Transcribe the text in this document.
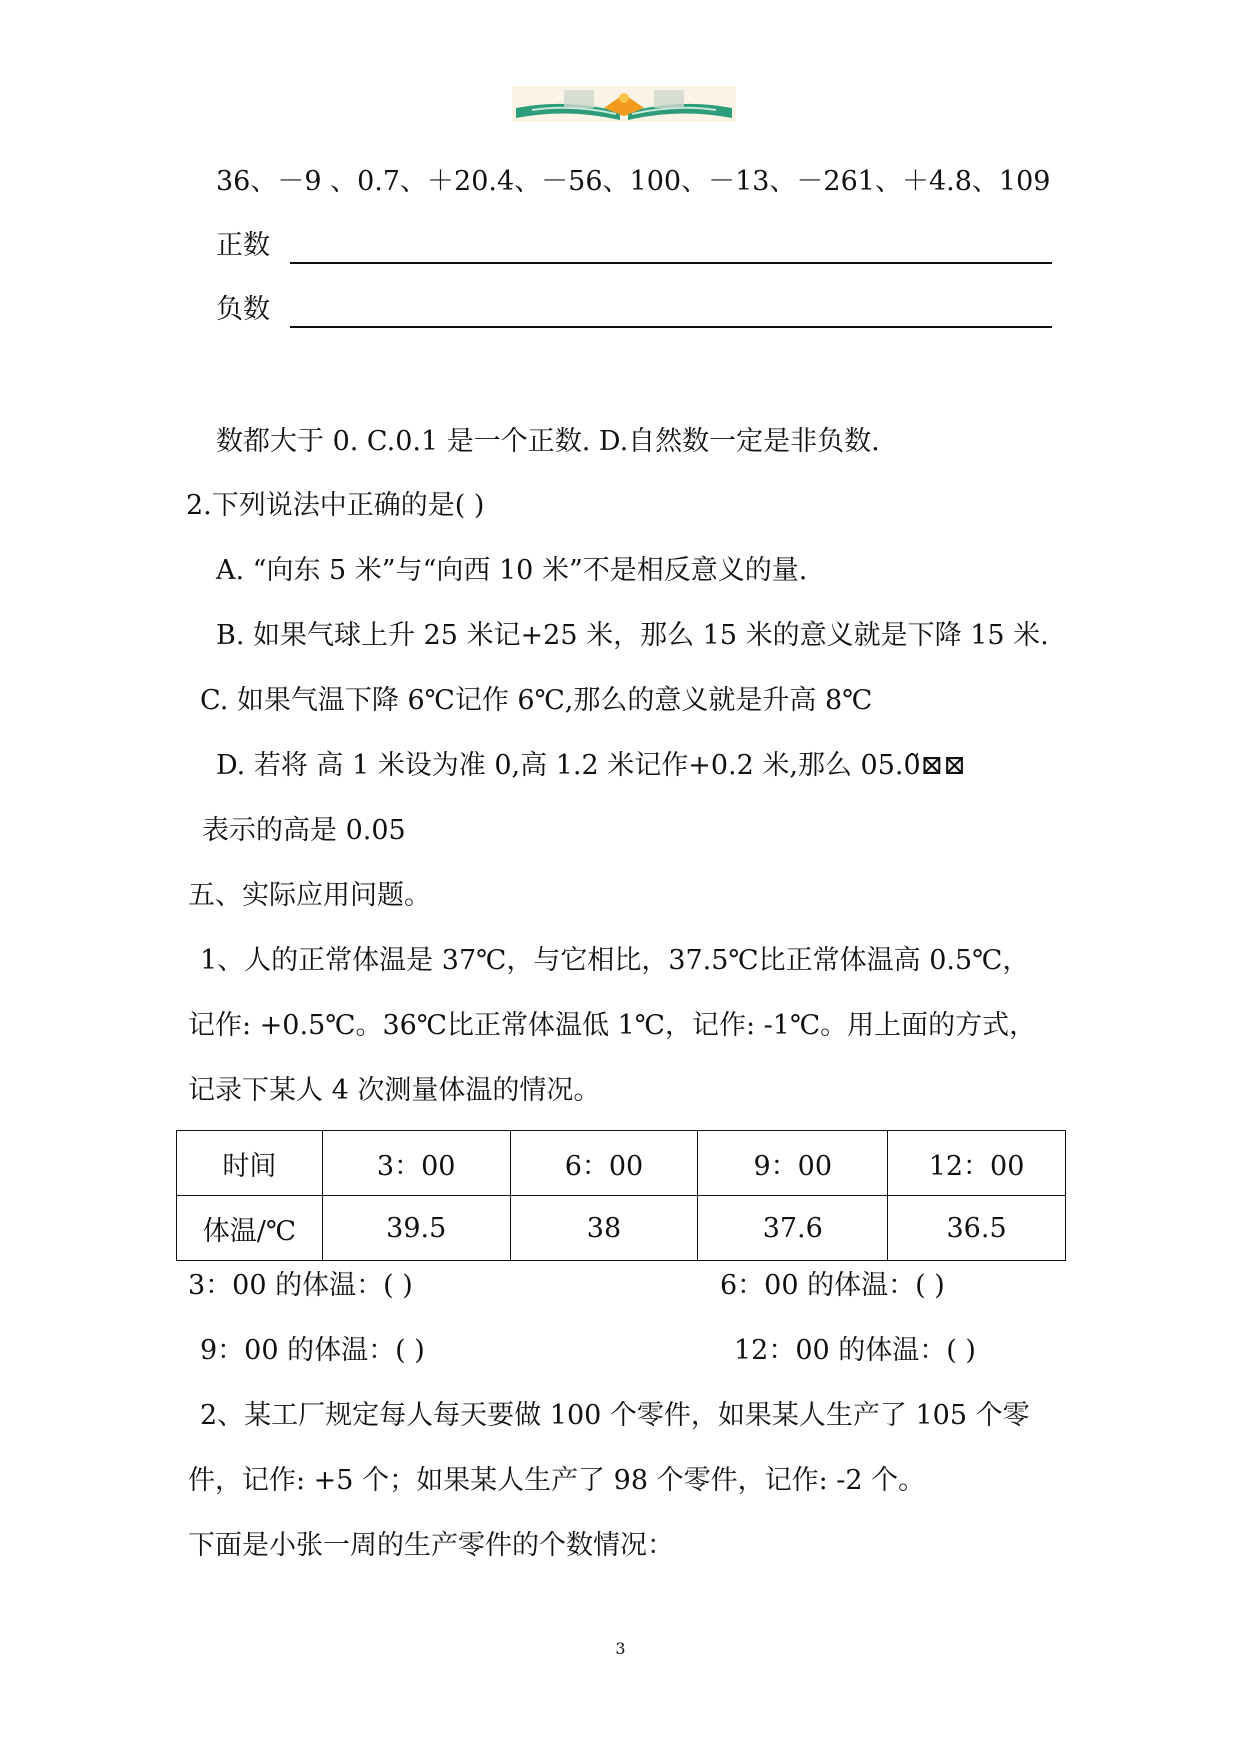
36、－9 、0.7、＋20.4、－56、100、－13、－261、＋4.8、109
正数
负数
数都大于 0. C.0.1 是一个正数. D.自然数一定是非负数.
2.下列说法中正确的是( )
A. “向东 5 米”与“向西 10 米”不是相反意义的量.
B. 如果气球上升 25 米记+25 米，那么 15 米的意义就是下降 15 米.
C. 如果气温下降 6℃记作 6℃,那么的意义就是升高 8℃
D. 若将 高 1 米设为准 0,高 1.2 米记作+0.2 米,那么 05.0̃⊠⊠
表示的高是 0.05
五、实际应用问题。
1、人的正常体温是 37℃，与它相比，37.5℃比正常体温高 0.5℃，
记作: +0.5℃。36℃比正常体温低 1℃，记作: -1℃。用上面的方式，
记录下某人 4 次测量体温的情况。
时间	3：00	6：00	9：00	12：00
体温/℃	39.5	38	37.6	36.5
3：00 的体温：( )	6：00 的体温：( )
9：00 的体温：( )	12：00 的体温：( )
2、某工厂规定每人每天要做 100 个零件，如果某人生产了 105 个零
件，记作: +5 个；如果某人生产了 98 个零件，记作: -2 个。
下面是小张一周的生产零件的个数情况：
3
